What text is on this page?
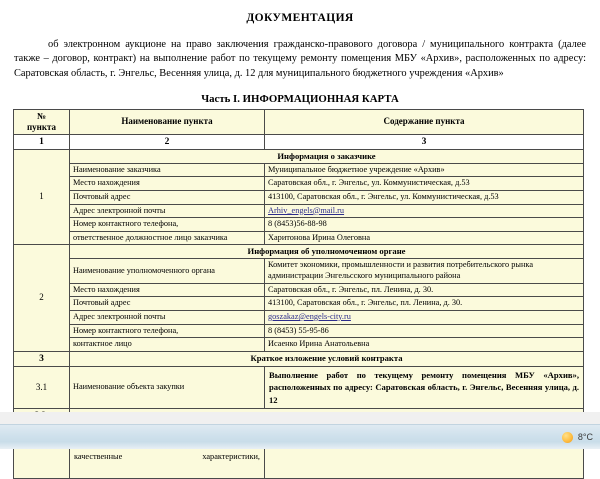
ДОКУМЕНТАЦИЯ
об электронном аукционе на право заключения гражданско-правового договора / муниципального контракта (далее также – договор, контракт) на выполнение работ по текущему ремонту помещения МБУ «Архив», расположенных по адресу: Саратовская область, г. Энгельс, Весенняя улица, д. 12 для муниципального бюджетного учреждения «Архив»
Часть I. ИНФОРМАЦИОННАЯ КАРТА
№
пункта	Наименование пункта	Содержание пункта
1	2	3
1	Информация о заказчике	
	Наименование заказчика	Муниципальное бюджетное учреждение «Архив»
	Место нахождения	Саратовская обл., г. Энгельс, ул. Коммунистическая, д.53
	Почтовый адрес	413100, Саратовская обл., г. Энгельс, ул. Коммунистическая, д.53
	Адрес электронной почты	Arhiv_engels@mail.ru
	Номер контактного телефона,	8 (8453)56-88-98
	ответственное должностное лицо заказчика	Харитонова Ирина Олеговна
2	Информация об уполномоченном органе	
	Наименование уполномоченного органа	Комитет экономики, промышленности и развития потребительского рынка
администрации Энгельсского муниципального района

	Место нахождения	Саратовская обл., г. Энгельс, пл. Ленина, д. 30.
	Почтовый адрес	413100, Саратовская обл., г. Энгельс, пл. Ленина, д. 30.
	Адрес электронной почты	goszakaz@engels-city.ru
	Номер контактного телефона,	8 (8453) 55-95-86
	контактное лицо	Исаенко Ирина Анатольевна
3	Краткое изложение условий контракта	
3.1	Наименование объекта закупки	Выполнение работ по текущему ремонту помещения МБУ «Архив», расположенных по адресу: Саратовская область, г. Энгельс, Весенняя улица, д. 12

	качественные характеристики,	

8°C
